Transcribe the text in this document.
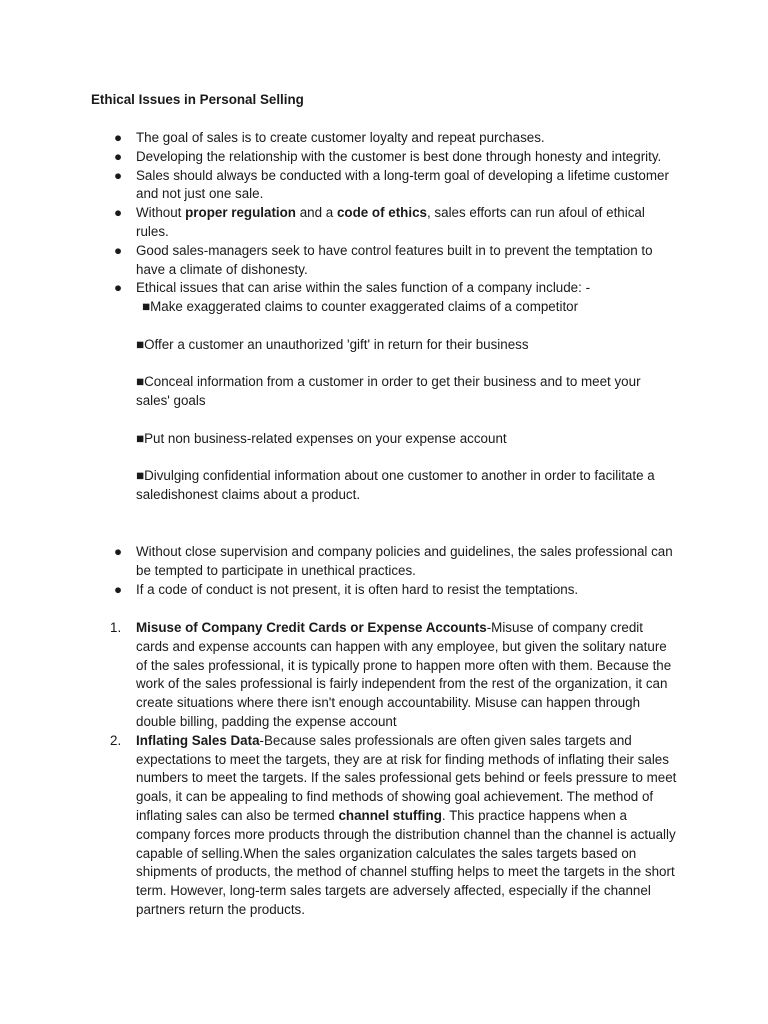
Ethical Issues in Personal Selling
● The goal of sales is to create customer loyalty and repeat purchases.
● Developing the relationship with the customer is best done through honesty and integrity.
● Sales should always be conducted with a long-term goal of developing a lifetime customer and not just one sale.
● Without proper regulation and a code of ethics, sales efforts can run afoul of ethical rules.
● Good sales-managers seek to have control features built in to prevent the temptation to have a climate of dishonesty.
● Ethical issues that can arise within the sales function of a company include: -
■Make exaggerated claims to counter exaggerated claims of a competitor
■Offer a customer an unauthorized 'gift' in return for their business
■Conceal information from a customer in order to get their business and to meet your sales' goals
■Put non business-related expenses on your expense account
■Divulging confidential information about one customer to another in order to facilitate a saledishonest claims about a product.
● Without close supervision and company policies and guidelines, the sales professional can be tempted to participate in unethical practices.
● If a code of conduct is not present, it is often hard to resist the temptations.
1. Misuse of Company Credit Cards or Expense Accounts-Misuse of company credit cards and expense accounts can happen with any employee, but given the solitary nature of the sales professional, it is typically prone to happen more often with them. Because the work of the sales professional is fairly independent from the rest of the organization, it can create situations where there isn't enough accountability. Misuse can happen through double billing, padding the expense account
2. Inflating Sales Data-Because sales professionals are often given sales targets and expectations to meet the targets, they are at risk for finding methods of inflating their sales numbers to meet the targets. If the sales professional gets behind or feels pressure to meet goals, it can be appealing to find methods of showing goal achievement. The method of inflating sales can also be termed channel stuffing. This practice happens when a company forces more products through the distribution channel than the channel is actually capable of selling.When the sales organization calculates the sales targets based on shipments of products, the method of channel stuffing helps to meet the targets in the short term. However, long-term sales targets are adversely affected, especially if the channel partners return the products.
